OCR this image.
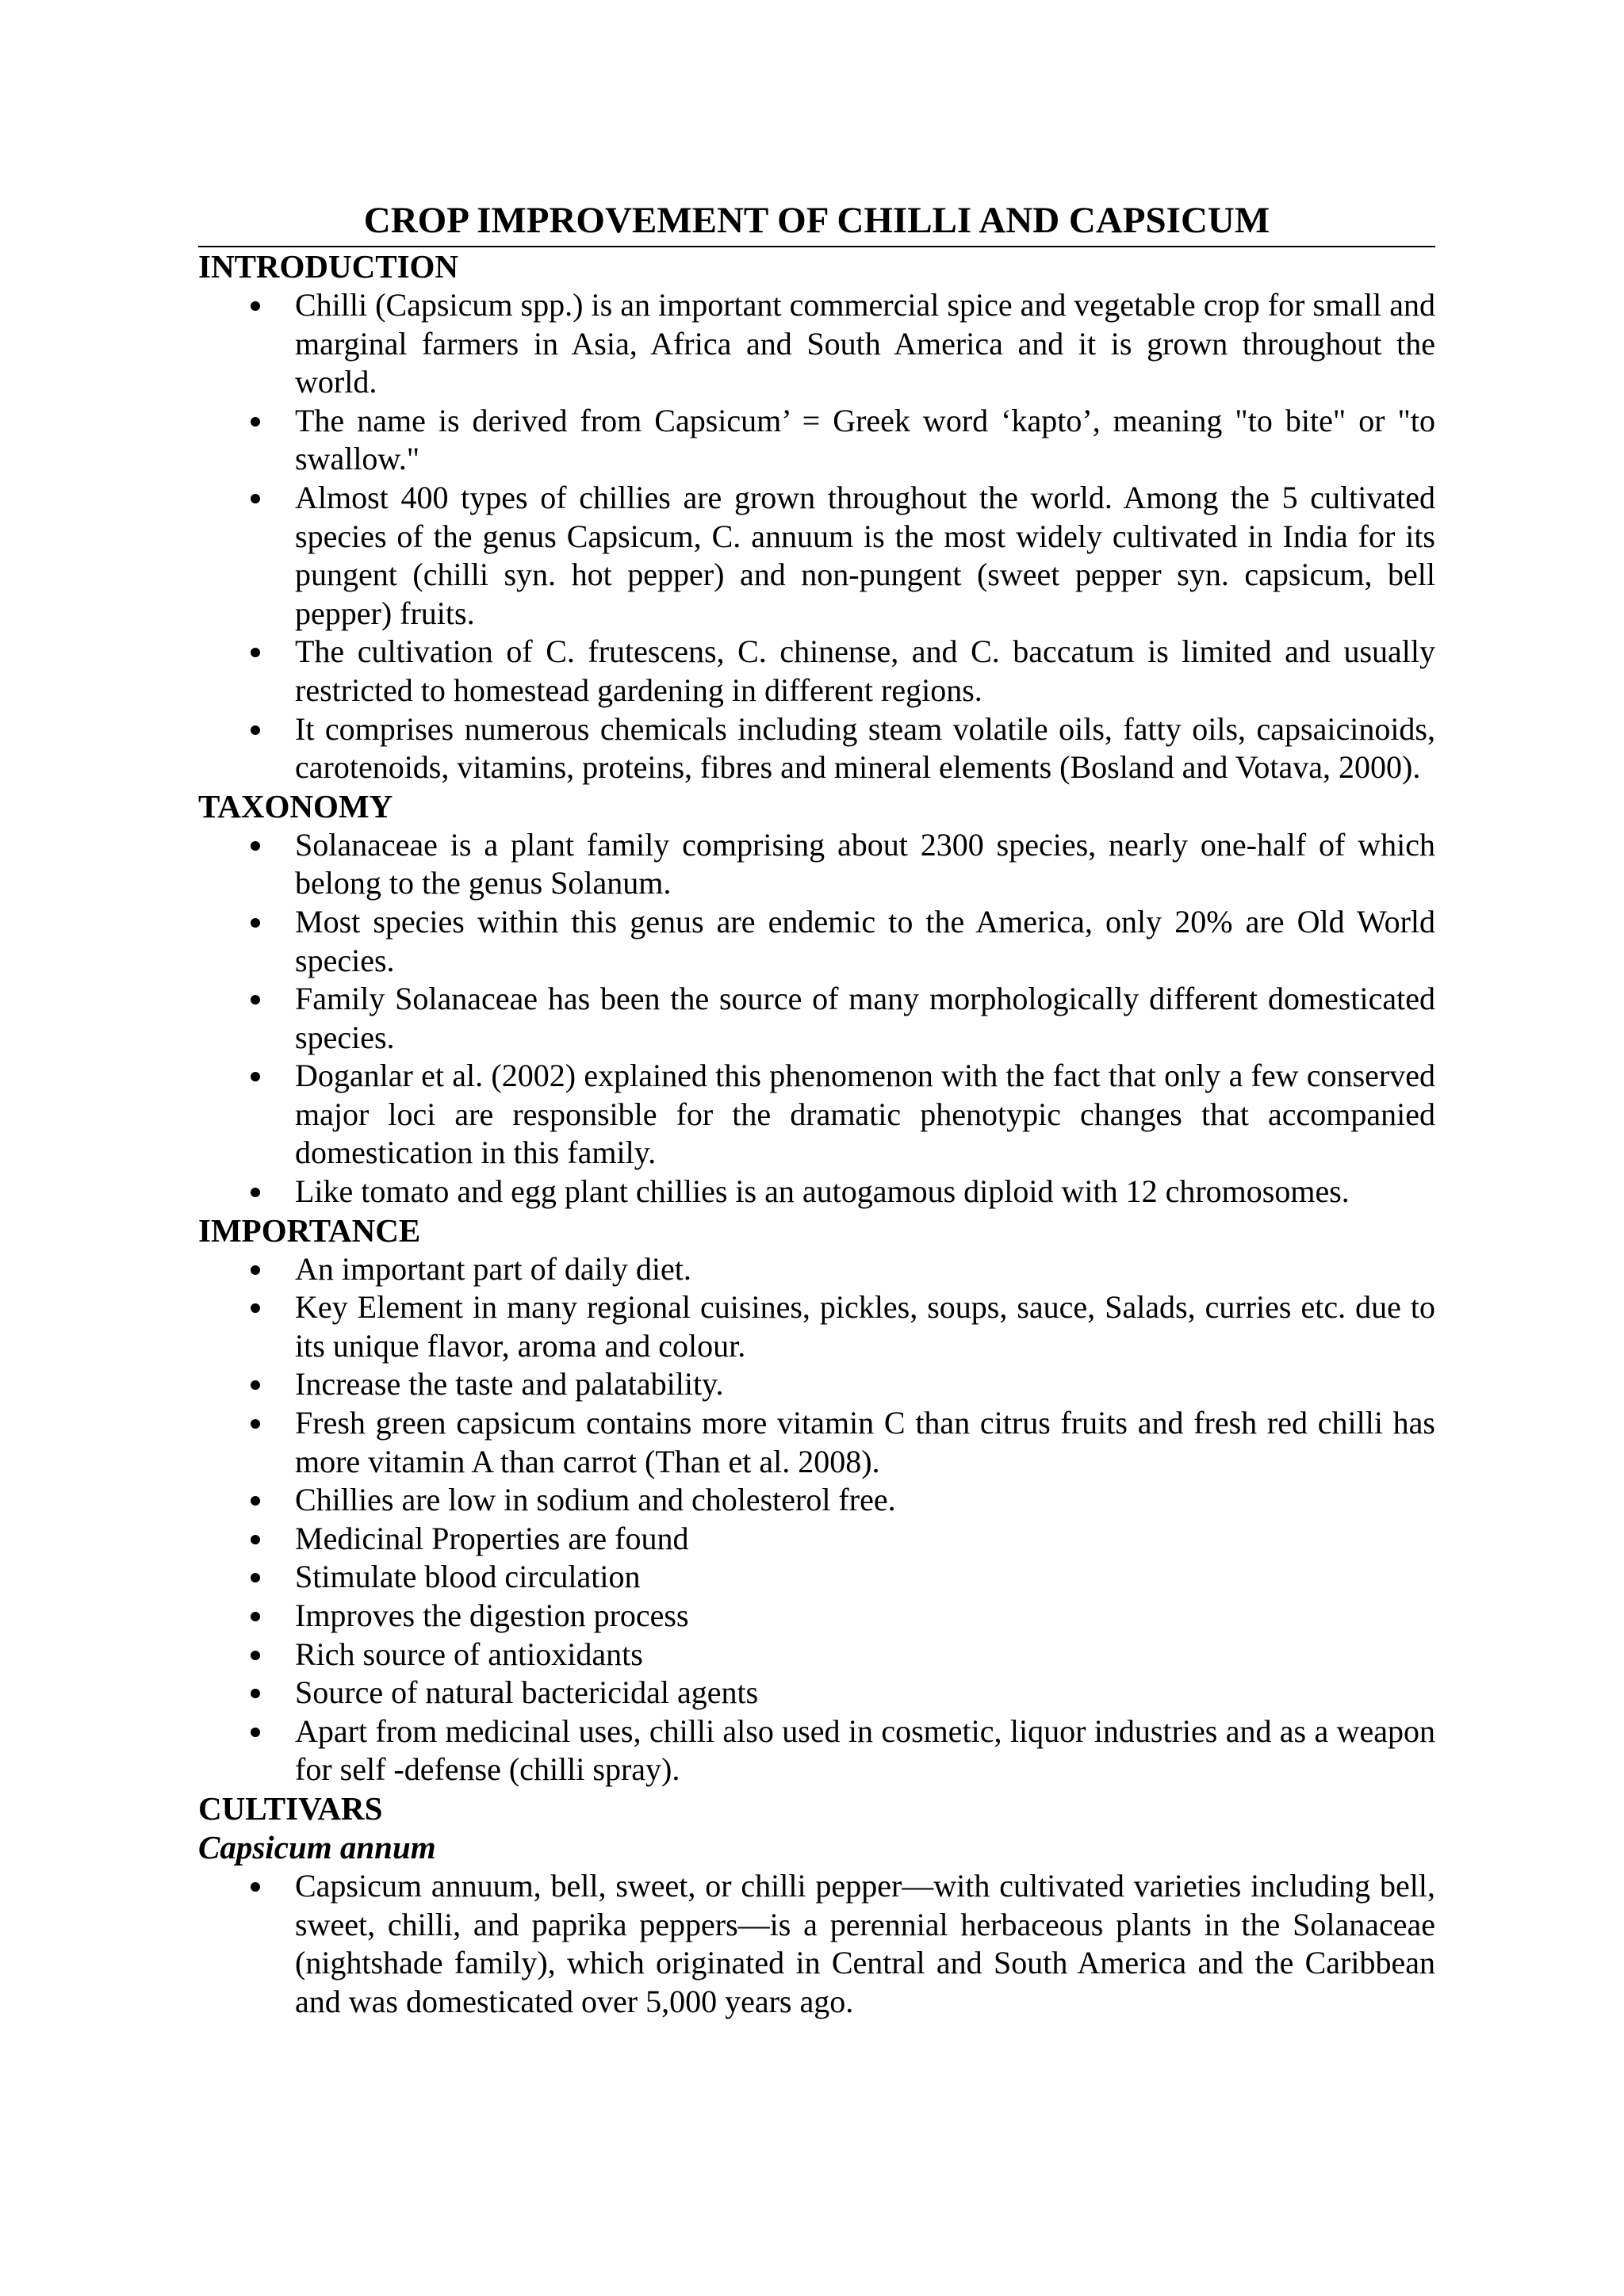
CROP IMPROVEMENT OF CHILLI AND CAPSICUM
INTRODUCTION
Chilli (Capsicum spp.) is an important commercial spice and vegetable crop for small and marginal farmers in Asia, Africa and South America and it is grown throughout the world.
The name is derived from Capsicum’ = Greek word ‘kapto’, meaning "to bite" or "to swallow."
Almost 400 types of chillies are grown throughout the world. Among the 5 cultivated species of the genus Capsicum, C. annuum is the most widely cultivated in India for its pungent (chilli syn. hot pepper) and non-pungent (sweet pepper syn. capsicum, bell pepper) fruits.
The cultivation of C. frutescens, C. chinense, and C. baccatum is limited and usually restricted to homestead gardening in different regions.
It comprises numerous chemicals including steam volatile oils, fatty oils, capsaicinoids, carotenoids, vitamins, proteins, fibres and mineral elements (Bosland and Votava, 2000).
TAXONOMY
Solanaceae is a plant family comprising about 2300 species, nearly one-half of which belong to the genus Solanum.
Most species within this genus are endemic to the America, only 20% are Old World species.
Family Solanaceae has been the source of many morphologically different domesticated species.
Doganlar et al. (2002) explained this phenomenon with the fact that only a few conserved major loci are responsible for the dramatic phenotypic changes that accompanied domestication in this family.
Like tomato and egg plant chillies is an autogamous diploid with 12 chromosomes.
IMPORTANCE
An important part of daily diet.
Key Element in many regional cuisines, pickles, soups, sauce, Salads, curries etc. due to its unique flavor, aroma and colour.
Increase the taste and palatability.
Fresh green capsicum contains more vitamin C than citrus fruits and fresh red chilli has more vitamin A than carrot (Than et al. 2008).
Chillies are low in sodium and cholesterol free.
Medicinal Properties are found
Stimulate blood circulation
Improves the digestion process
Rich source of antioxidants
Source of natural bactericidal agents
Apart from medicinal uses, chilli also used in cosmetic, liquor industries and as a weapon for self -defense (chilli spray).
CULTIVARS
Capsicum annum
Capsicum annuum, bell, sweet, or chilli pepper—with cultivated varieties including bell, sweet, chilli, and paprika peppers—is a perennial herbaceous plants in the Solanaceae (nightshade family), which originated in Central and South America and the Caribbean and was domesticated over 5,000 years ago.
